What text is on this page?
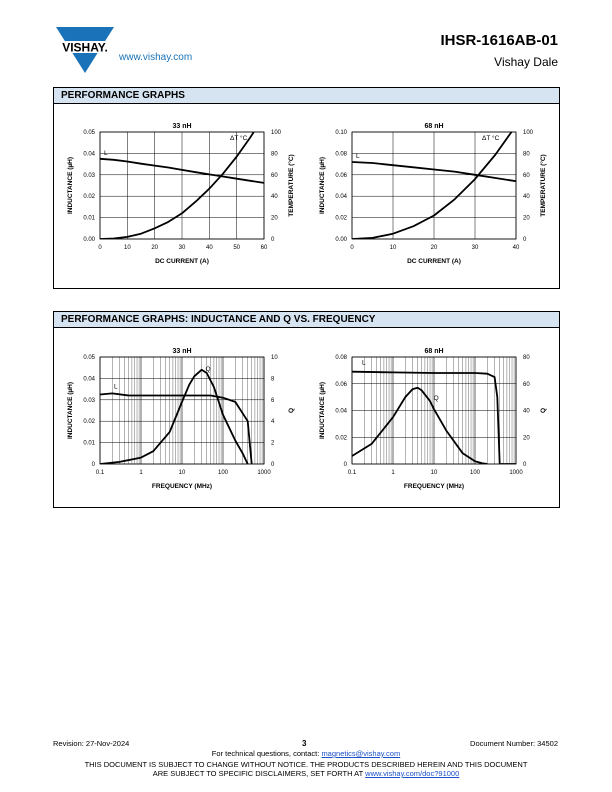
VISHAY.
www.vishay.com
IHSR-1616AB-01
Vishay Dale
PERFORMANCE GRAPHS
PERFORMANCE GRAPHS: INDUCTANCE AND Q VS. FREQUENCY
33 nH
0.00
0.01
0.02
0.03
0.04
0.05
0
20
40
60
80
100
0	10	20	30	40	50	60
DC CURRENT (A)
INDUCTANCE (µH)	TEMPERATURE (°C)
L
ΔT °C
68 nH
0.00
0.02
0.04
0.06
0.08
0.10
0
20
40
60
80
100
0	10	20	30	40
DC CURRENT (A)
INDUCTANCE (µH)	TEMPERATURE (°C)
L
ΔT °C
33 nH
0
0.01
0.02
0.03
0.04
0.05
0
2
4
6
8
10
0.1	1	10	100	1000
FREQUENCY (MHz)
INDUCTANCE (µH)	Q
L
Q
68 nH
0
0.02
0.04
0.06
0.08
0
20
40
60
80
0.1	1	10	100	1000
FREQUENCY (MHz)
INDUCTANCE (µH)	Q
L
Q
Revision: 27-Nov-2024	3	Document Number: 34502
For technical questions, contact: magnetics@vishay.com
THIS DOCUMENT IS SUBJECT TO CHANGE WITHOUT NOTICE. THE PRODUCTS DESCRIBED HEREIN AND THIS DOCUMENT
ARE SUBJECT TO SPECIFIC DISCLAIMERS, SET FORTH AT www.vishay.com/doc?91000
